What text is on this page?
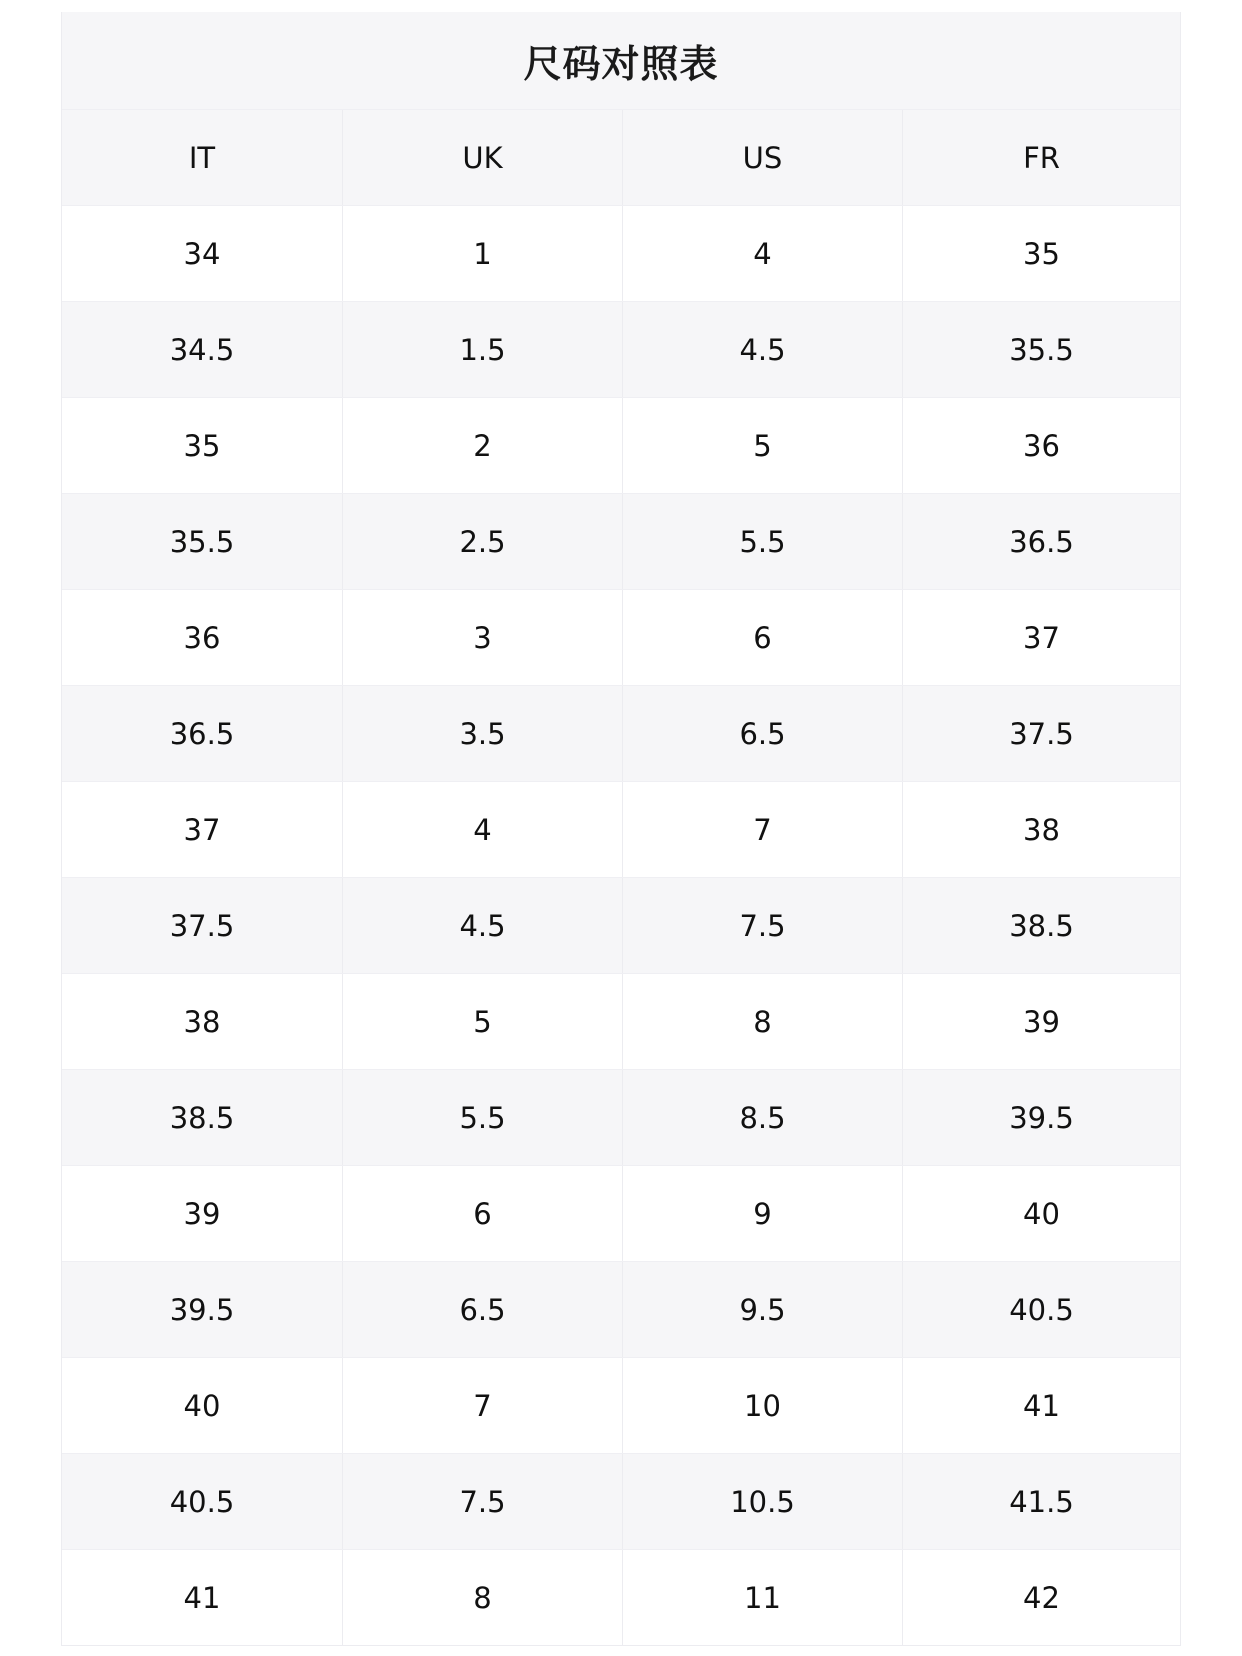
尺码对照表
IT	UK	US	FR
34	1	4	35
34.5	1.5	4.5	35.5
35	2	5	36
35.5	2.5	5.5	36.5
36	3	6	37
36.5	3.5	6.5	37.5
37	4	7	38
37.5	4.5	7.5	38.5
38	5	8	39
38.5	5.5	8.5	39.5
39	6	9	40
39.5	6.5	9.5	40.5
40	7	10	41
40.5	7.5	10.5	41.5
41	8	11	42
